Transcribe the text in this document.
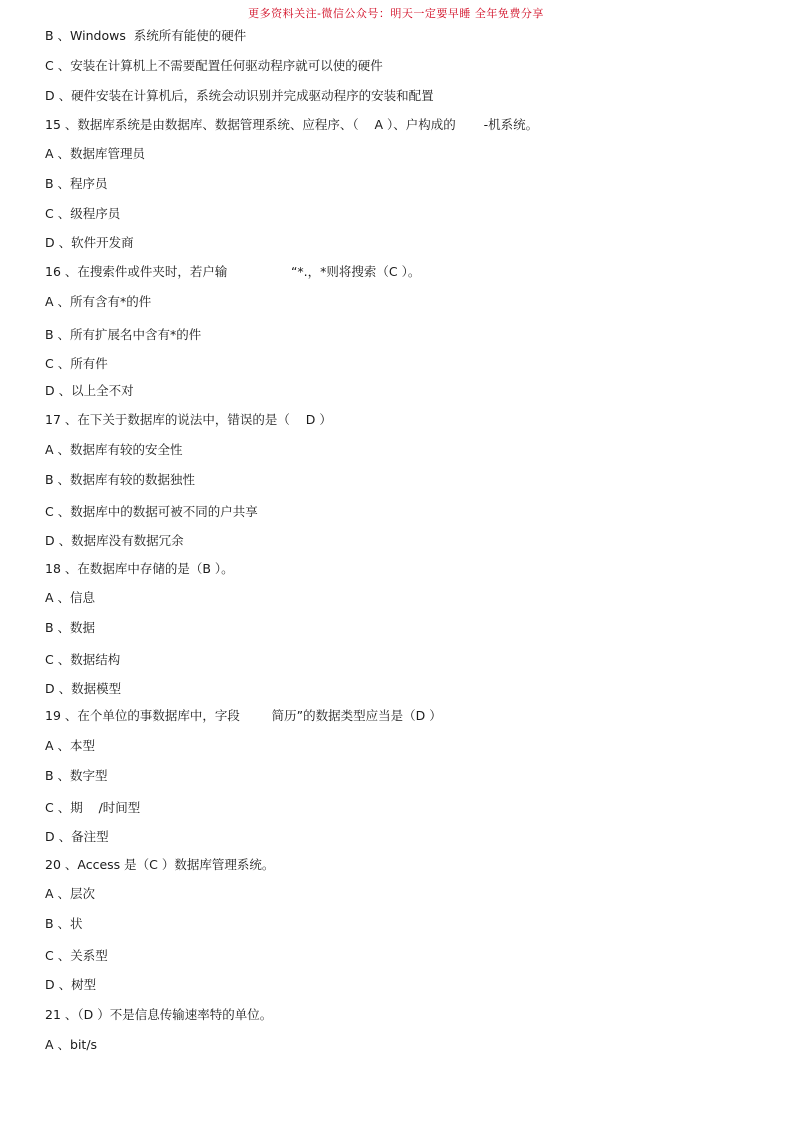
更多资料关注-微信公众号：明天一定要早睡 全年免费分享
B 、Windows  系统所有能使的硬件
C 、安装在计算机上不需要配置任何驱动程序就可以使的硬件
D 、硬件安装在计算机后，系统会动识别并完成驱动程序的安装和配置
15 、数据库系统是由数据库、数据管理系统、应程序、（    A ）、户构成的       -机系统。
A 、数据库管理员
B 、程序员
C 、级程序员
D 、软件开发商
16 、在搜索件或件夹时，若户输                “*.，*则将搜索（C ）。
A 、所有含有*的件
B 、所有扩展名中含有*的件
C 、所有件
D 、以上全不对
17 、在下关于数据库的说法中，错误的是（    D ）
A 、数据库有较的安全性
B 、数据库有较的数据独性
C 、数据库中的数据可被不同的户共享
D 、数据库没有数据冗余
18 、在数据库中存储的是（B ）。
A 、信息
B 、数据
C 、数据结构
D 、数据模型
19 、在个单位的事数据库中，字段        简历”的数据类型应当是（D ）
A 、本型
B 、数字型
C 、期    /时间型
D 、备注型
20 、Access 是（C ）数据库管理系统。
A 、层次
B 、状
C 、关系型
D 、树型
21 、（D ）不是信息传输速率特的单位。
A 、bit/s
